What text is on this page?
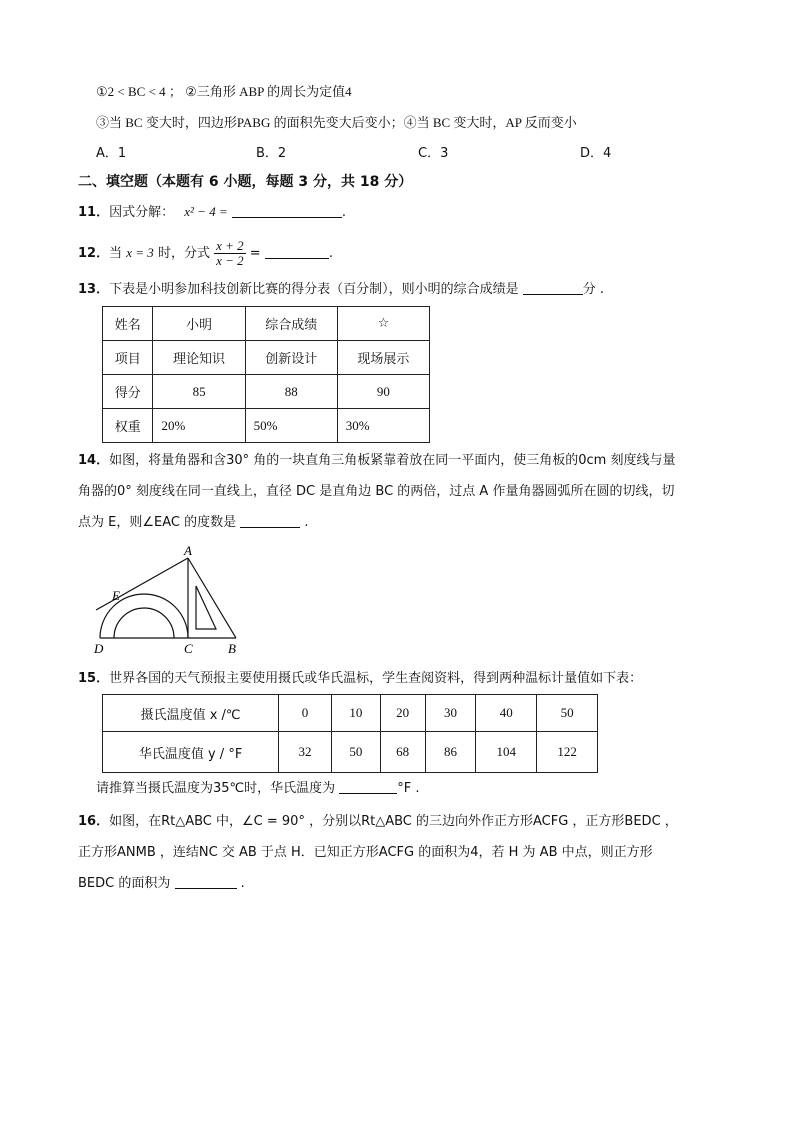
①2 < BC < 4 ； ②三角形 ABP 的周长为定值4
③当 BC 变大时，四边形PABG 的面积先变大后变小；④当 BC 变大时，AP 反而变小
A．1	B．2	C．3	D．4
二、填空题（本题有 6 小题，每题 3 分，共 18 分）
11．因式分解： x² − 4 =	.
12．当 x = 3 时，分式 $\frac{x + 2}{x - 2}$ =	.
13．下表是小明参加科技创新比赛的得分表（百分制），则小明的综合成绩是	分 .
姓名	小明	综合成绩	☆
项目	理论知识	创新设计	现场展示
得分	85	88	90
权重	20%	50%	30%
14．如图，将量角器和含30° 角的一块直角三角板紧靠着放在同一平面内，使三角板的0cm 刻度线与量
角器的0° 刻度线在同一直线上，直径 DC 是直角边 BC 的两倍，过点 A 作量角器圆弧所在圆的切线，切
点为 E，则∠EAC 的度数是	.
A
E
D	C	B
15．世界各国的天气预报主要使用摄氏或华氏温标，学生查阅资料，得到两种温标计量值如下表：
摄氏温度值 x /℃	0	10	20	30	40	50
华氏温度值 y / °F	32	50	68	86	104	122
请推算当摄氏温度为35℃时，华氏温度为	°F .
16．如图，在Rt△ABC 中，∠C = 90° ，分别以Rt△ABC 的三边向外作正方形ACFG ，正方形BEDC ，
正方形ANMB ，连结NC 交 AB 于点 H．已知正方形ACFG 的面积为4，若 H 为 AB 中点，则正方形
BEDC 的面积为	.
